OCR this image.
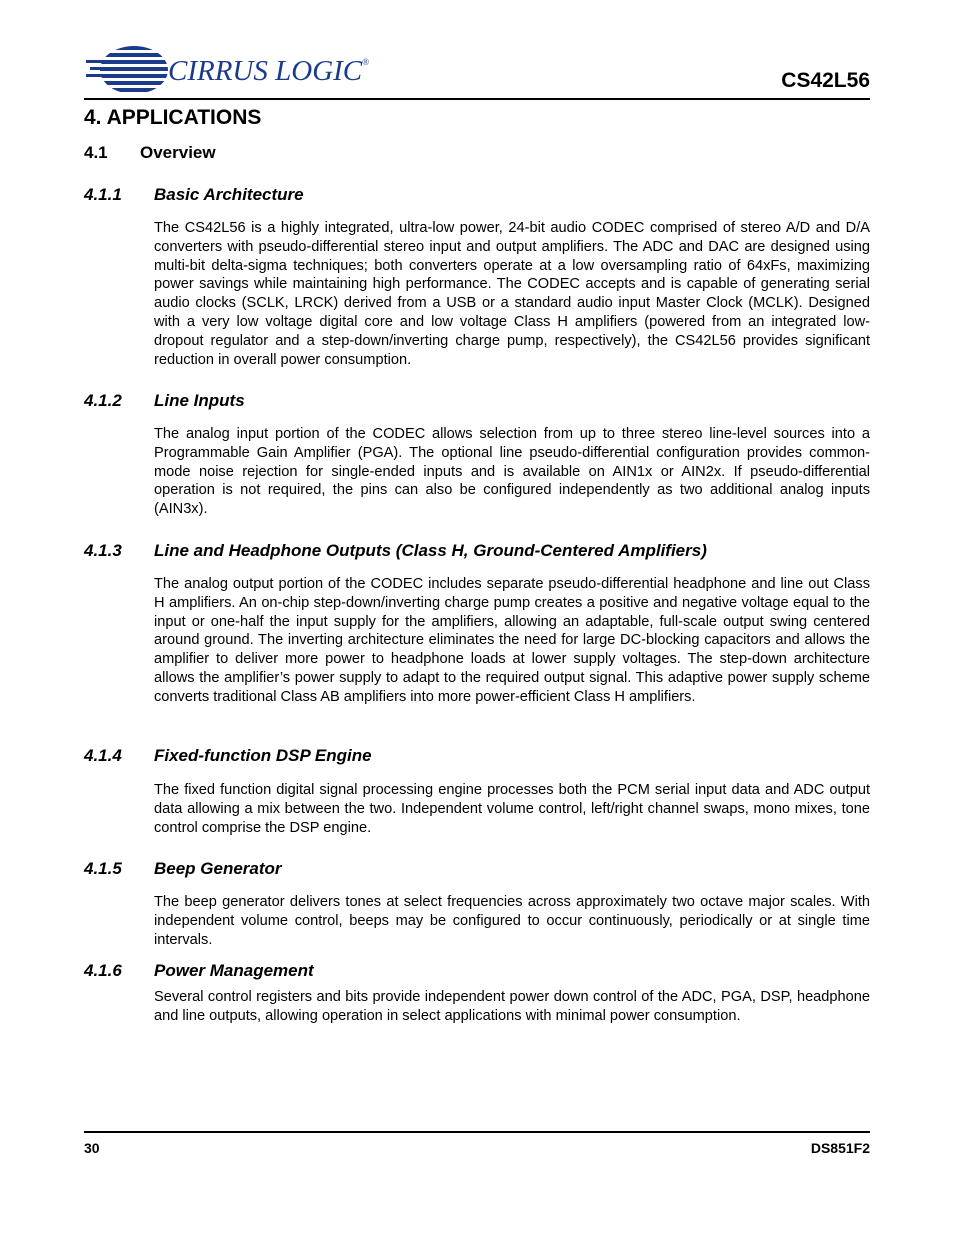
CIRRUS LOGIC®
CS42L56
4. APPLICATIONS
4.1 Overview
4.1.1 Basic Architecture

The CS42L56 is a highly integrated, ultra-low power, 24-bit audio CODEC comprised of stereo A/D and D/A converters with pseudo-differential stereo input and output amplifiers. The ADC and DAC are designed using multi-bit delta-sigma techniques; both converters operate at a low oversampling ratio of 64xFs, maximizing power savings while maintaining high performance. The CODEC accepts and is capable of generating serial audio clocks (SCLK, LRCK) derived from a USB or a standard audio input Master Clock (MCLK). Designed with a very low voltage digital core and low voltage Class H amplifiers (powered from an integrated low-dropout regulator and a step-down/inverting charge pump, respectively), the CS42L56 provides significant reduction in overall power consumption.

4.1.2 Line Inputs

The analog input portion of the CODEC allows selection from up to three stereo line-level sources into a Programmable Gain Amplifier (PGA). The optional line pseudo-differential configuration provides common-mode noise rejection for single-ended inputs and is available on AIN1x or AIN2x. If pseudo-differential operation is not required, the pins can also be configured independently as two additional analog inputs (AIN3x).

4.1.3 Line and Headphone Outputs (Class H, Ground-Centered Amplifiers)

The analog output portion of the CODEC includes separate pseudo-differential headphone and line out Class H amplifiers. An on-chip step-down/inverting charge pump creates a positive and negative voltage equal to the input or one-half the input supply for the amplifiers, allowing an adaptable, full-scale output swing centered around ground. The inverting architecture eliminates the need for large DC-blocking capacitors and allows the amplifier to deliver more power to headphone loads at lower supply voltages. The step-down architecture allows the amplifier’s power supply to adapt to the required output signal. This adaptive power supply scheme converts traditional Class AB amplifiers into more power-efficient Class H amplifiers.

4.1.4 Fixed-function DSP Engine

The fixed function digital signal processing engine processes both the PCM serial input data and ADC output data allowing a mix between the two. Independent volume control, left/right channel swaps, mono mixes, tone control comprise the DSP engine.

4.1.5 Beep Generator

The beep generator delivers tones at select frequencies across approximately two octave major scales. With independent volume control, beeps may be configured to occur continuously, periodically or at single time intervals.

4.1.6 Power Management

Several control registers and bits provide independent power down control of the ADC, PGA, DSP, headphone and line outputs, allowing operation in select applications with minimal power consumption.

30	DS851F2
